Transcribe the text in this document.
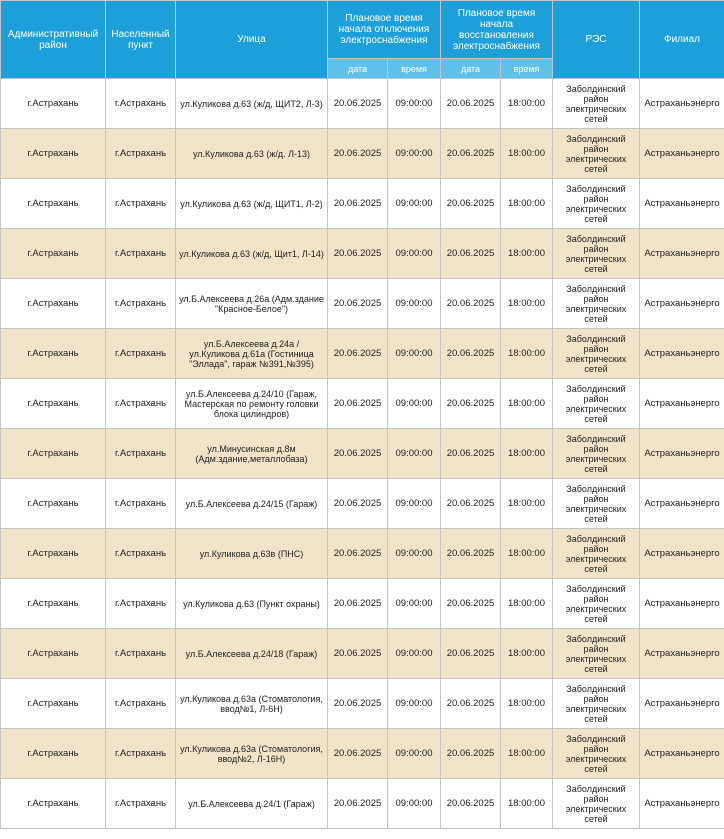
Административный район	Населенный пункт	Улица	Плановое время начала отключения электроснабжения		Плановое время начала восстановления электроснабжения		РЭС	Филиал
			дата	время	дата	время		
г.Астрахань	г.Астрахань	ул.Куликова д.63 (ж/д, ЩИТ2, Л-3)	20.06.2025	09:00:00	20.06.2025	18:00:00	Заболдинский район электрических сетей	Астраханьэнерго
г.Астрахань	г.Астрахань	ул.Куликова д.63 (ж/д. Л-13)	20.06.2025	09:00:00	20.06.2025	18:00:00	Заболдинский район электрических сетей	Астраханьэнерго
г.Астрахань	г.Астрахань	ул.Куликова д.63 (ж/д, ЩИТ1, Л-2)	20.06.2025	09:00:00	20.06.2025	18:00:00	Заболдинский район электрических сетей	Астраханьэнерго
г.Астрахань	г.Астрахань	ул.Куликова д.63 (ж/д, Щит1, Л-14)	20.06.2025	09:00:00	20.06.2025	18:00:00	Заболдинский район электрических сетей	Астраханьэнерго
г.Астрахань	г.Астрахань	ул.Б.Алексеева д.26а (Адм.здание "Красное-Белое")	20.06.2025	09:00:00	20.06.2025	18:00:00	Заболдинский район электрических сетей	Астраханьэнерго
г.Астрахань	г.Астрахань	ул.Б.Алексеева д.24а / ул.Куликова д.61а (Гостиница "Эллада", гараж №391,№395)	20.06.2025	09:00:00	20.06.2025	18:00:00	Заболдинский район электрических сетей	Астраханьэнерго
г.Астрахань	г.Астрахань	ул.Б.Алексеева д.24/10 (Гараж, Мастерская по ремонту головки блока цилиндров)	20.06.2025	09:00:00	20.06.2025	18:00:00	Заболдинский район электрических сетей	Астраханьэнерго
г.Астрахань	г.Астрахань	ул.Минусинская д.8м (Адм.здание,металлобаза)	20.06.2025	09:00:00	20.06.2025	18:00:00	Заболдинский район электрических сетей	Астраханьэнерго
г.Астрахань	г.Астрахань	ул.Б.Алексеева д.24/15 (Гараж)	20.06.2025	09:00:00	20.06.2025	18:00:00	Заболдинский район электрических сетей	Астраханьэнерго
г.Астрахань	г.Астрахань	ул.Куликова д.63в (ПНС)	20.06.2025	09:00:00	20.06.2025	18:00:00	Заболдинский район электрических сетей	Астраханьэнерго
г.Астрахань	г.Астрахань	ул.Куликова д.63 (Пункт охраны)	20.06.2025	09:00:00	20.06.2025	18:00:00	Заболдинский район электрических сетей	Астраханьэнерго
г.Астрахань	г.Астрахань	ул.Б.Алексеева д.24/18 (Гараж)	20.06.2025	09:00:00	20.06.2025	18:00:00	Заболдинский район электрических сетей	Астраханьэнерго
г.Астрахань	г.Астрахань	ул.Куликова д.63а (Стоматология, ввод№1, Л-6Н)	20.06.2025	09:00:00	20.06.2025	18:00:00	Заболдинский район электрических сетей	Астраханьэнерго
г.Астрахань	г.Астрахань	ул.Куликова д.63а (Стоматология, ввод№2, Л-16Н)	20.06.2025	09:00:00	20.06.2025	18:00:00	Заболдинский район электрических сетей	Астраханьэнерго
г.Астрахань	г.Астрахань	ул.Б.Алексеева д.24/1 (Гараж)	20.06.2025	09:00:00	20.06.2025	18:00:00	Заболдинский район электрических сетей	Астраханьэнерго
